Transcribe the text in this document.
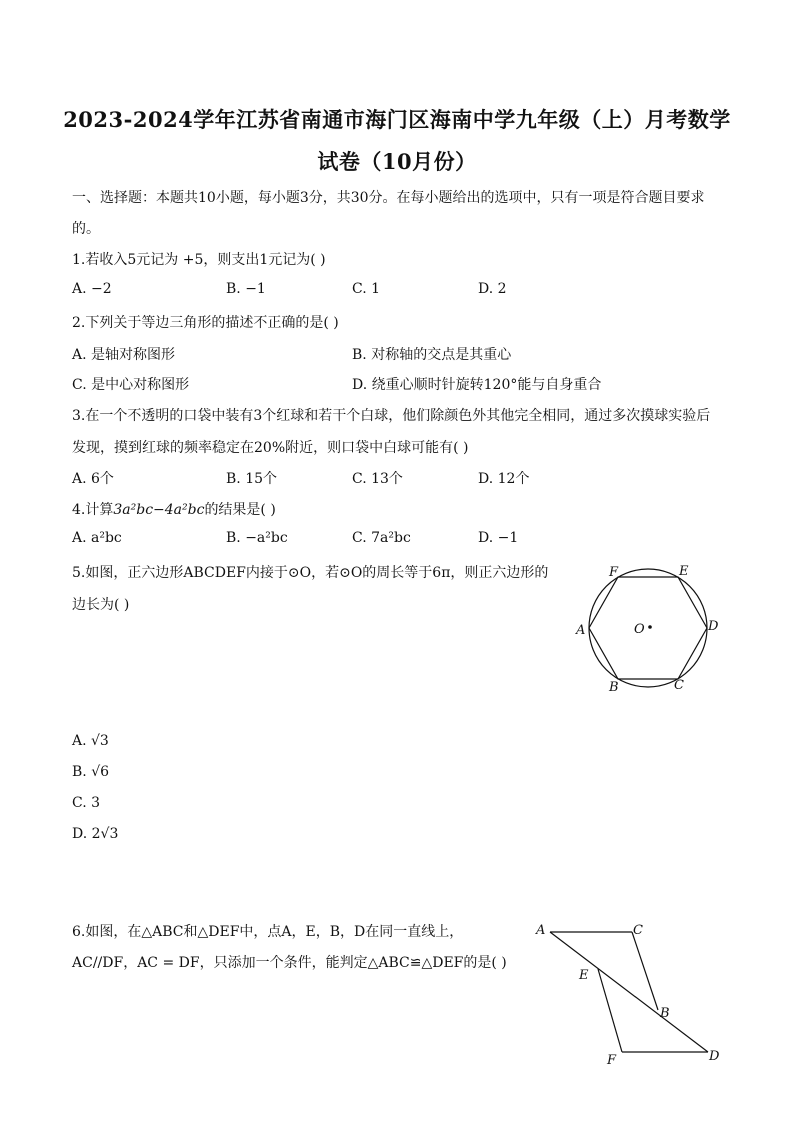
2023-2024学年江苏省南通市海门区海南中学九年级（上）月考数学
试卷（10月份）
一、选择题：本题共10小题，每小题3分，共30分。在每小题给出的选项中，只有一项是符合题目要求
的。
1.若收入5元记为 +5，则支出1元记为( )
A. −2	B. −1	C. 1	D. 2
2.下列关于等边三角形的描述不正确的是( )
A. 是轴对称图形	B. 对称轴的交点是其重心
C. 是中心对称图形	D. 绕重心顺时针旋转120°能与自身重合
3.在一个不透明的口袋中装有3个红球和若干个白球，他们除颜色外其他完全相同，通过多次摸球实验后
发现，摸到红球的频率稳定在20%附近，则口袋中白球可能有( )
A. 6个	B. 15个	C. 13个	D. 12个
4.计算3a²bc−4a²bc的结果是( )
A. a²bc	B. −a²bc	C. 7a²bc	D. −1
5.如图，正六边形ABCDEF内接于⊙O，若⊙O的周长等于6π，则正六边形的
边长为( )
F	E
A	D
O
B	C
A. √3
B. √6
C. 3
D. 2√3
6.如图，在△ABC和△DEF中，点A，E，B，D在同一直线上，
AC//DF，AC = DF，只添加一个条件，能判定△ABC≌△DEF的是( )
A	C
E
B
F	D
